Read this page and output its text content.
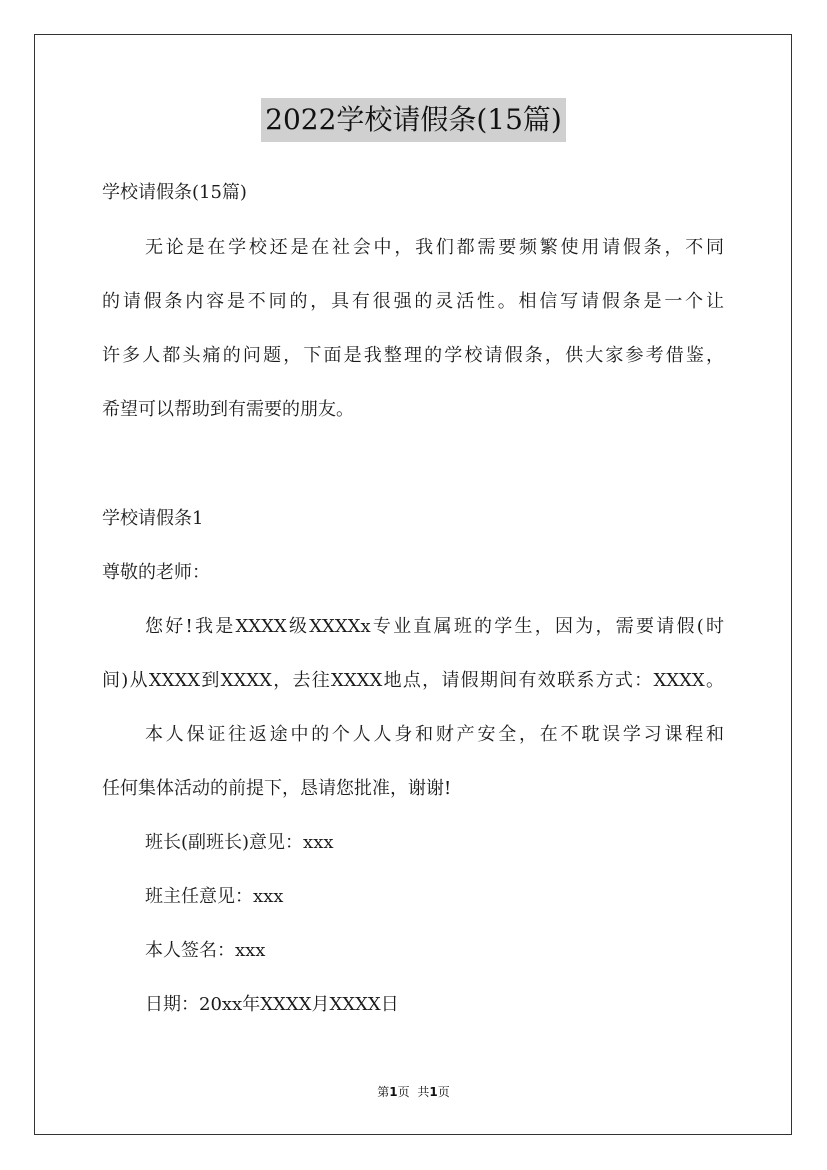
2022学校请假条(15篇)
学校请假条(15篇)
无论是在学校还是在社会中，我们都需要频繁使用请假条，不同
的请假条内容是不同的，具有很强的灵活性。相信写请假条是一个让
许多人都头痛的问题，下面是我整理的学校请假条，供大家参考借鉴，
希望可以帮助到有需要的朋友。
学校请假条1
尊敬的老师：
您好!我是XXXX级XXXXx专业直属班的学生，因为，需要请假(时
间)从XXXX到XXXX，去往XXXX地点，请假期间有效联系方式：XXXX。
本人保证往返途中的个人人身和财产安全，在不耽误学习课程和
任何集体活动的前提下，恳请您批准，谢谢!
班长(副班长)意见：xxx
班主任意见：xxx
本人签名：xxx
日期：20xx年XXXX月XXXX日
第1页 共1页
